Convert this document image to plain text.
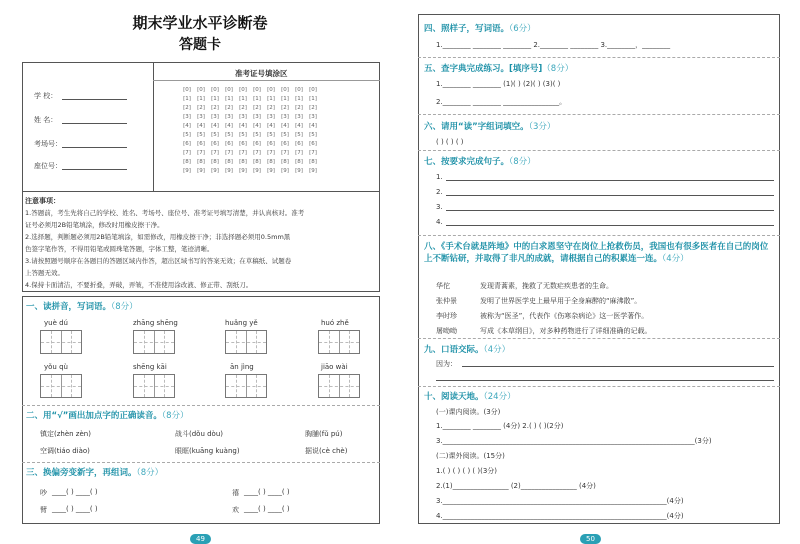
期末学业水平诊断卷
答题卡
学 校：
姓 名：
考场号：
座位号：
准考证号填涂区
[0]	[0]	[0]	[0]	[0]	[0]	[0]	[0]	[0]	[0]
[1]	[1]	[1]	[1]	[1]	[1]	[1]	[1]	[1]	[1]
[2]	[2]	[2]	[2]	[2]	[2]	[2]	[2]	[2]	[2]
[3]	[3]	[3]	[3]	[3]	[3]	[3]	[3]	[3]	[3]
[4]	[4]	[4]	[4]	[4]	[4]	[4]	[4]	[4]	[4]
[5]	[5]	[5]	[5]	[5]	[5]	[5]	[5]	[5]	[5]
[6]	[6]	[6]	[6]	[6]	[6]	[6]	[6]	[6]	[6]
[7]	[7]	[7]	[7]	[7]	[7]	[7]	[7]	[7]	[7]
[8]	[8]	[8]	[8]	[8]	[8]	[8]	[8]	[8]	[8]
[9]	[9]	[9]	[9]	[9]	[9]	[9]	[9]	[9]	[9]
注意事项：
1.答题前，考生先将自己的学校、姓名、考场号、座位号、准考证号填写清楚，并认真核对。准考
证号必须用2B铅笔填涂，修改时用橡皮擦干净。
2.选择题，判断题必须用2B铅笔填涂，如需修改，用橡皮擦干净；非选择题必须用0.5mm黑
色签字笔作答，不得用铅笔或圆珠笔答题，字体工整，笔迹清晰。
3.请按照题号顺序在各题目的答题区域内作答，超出区域书写的答案无效；在草稿纸、试题卷
上答题无效。
4.保持卡面清洁，不要折叠，弄破，弄皱，不准使用涂改液、修正带、刮纸刀。
一、读拼音，写词语。（8分）
yuè dú	zhāng shēng	huǎng yě	huó zhě
yǒu qù	shēng kāi	ān jìng	jiāo wài
二、用“√”画出加点字的正确读音。（8分）
镇定(zhèn zèn)	战斗(dǒu dòu)	胸脯(fǔ pú)
空调(tiáo diào)	眼眶(kuāng kuàng)	据说(cè chè)
三、换偏旁变新字，再组词。（8分）
吵 ____( ) ____( )	禧 ____( ) ____( )
臂 ____( ) ____( )	欢 ____( ) ____( )
49
四、照样子，写词语。（6分）
1.________ ________ ________ 2.________ ________ 3.________，________
五、查字典完成练习。[填序号]（8分）
1.________ ________ (1)( ) (2)( ) (3)( )
2.________ ________ ________________。
六、请用“读”字组词填空。（3分）
( ) ( ) ( )
七、按要求完成句子。（8分）
1.
2.
3.
4.
八、《手术台就是阵地》中的白求恩坚守在岗位上抢救伤员，我国也有很多医者在自己的岗位上不断钻研，并取得了非凡的成就，请根据自己的积累连一连。（4分）
华佗	发现青蒿素，挽救了无数疟疾患者的生命。
张仲景	发明了世界医学史上最早用于全身麻醉的“麻沸散”。
李时珍	被称为“医圣”，代表作《伤寒杂病论》这一医学著作。
屠呦呦	写成《本草纲目》，对多种药物进行了详细准确的记载。
九、口语交际。（4分）
因为：
十、阅读天地。（24分）
(一)课内阅读。(3分)
1.________ ________ (4分) 2.( ) ( )(2分)
3.________________________________________________________________________(3分)
(二)课外阅读。(15分)
1.( ) ( ) ( ) ( )(3分)
2.(1)________________ (2)________________ (4分)
3.________________________________________________________________(4分)
4.________________________________________________________________(4分)
50
